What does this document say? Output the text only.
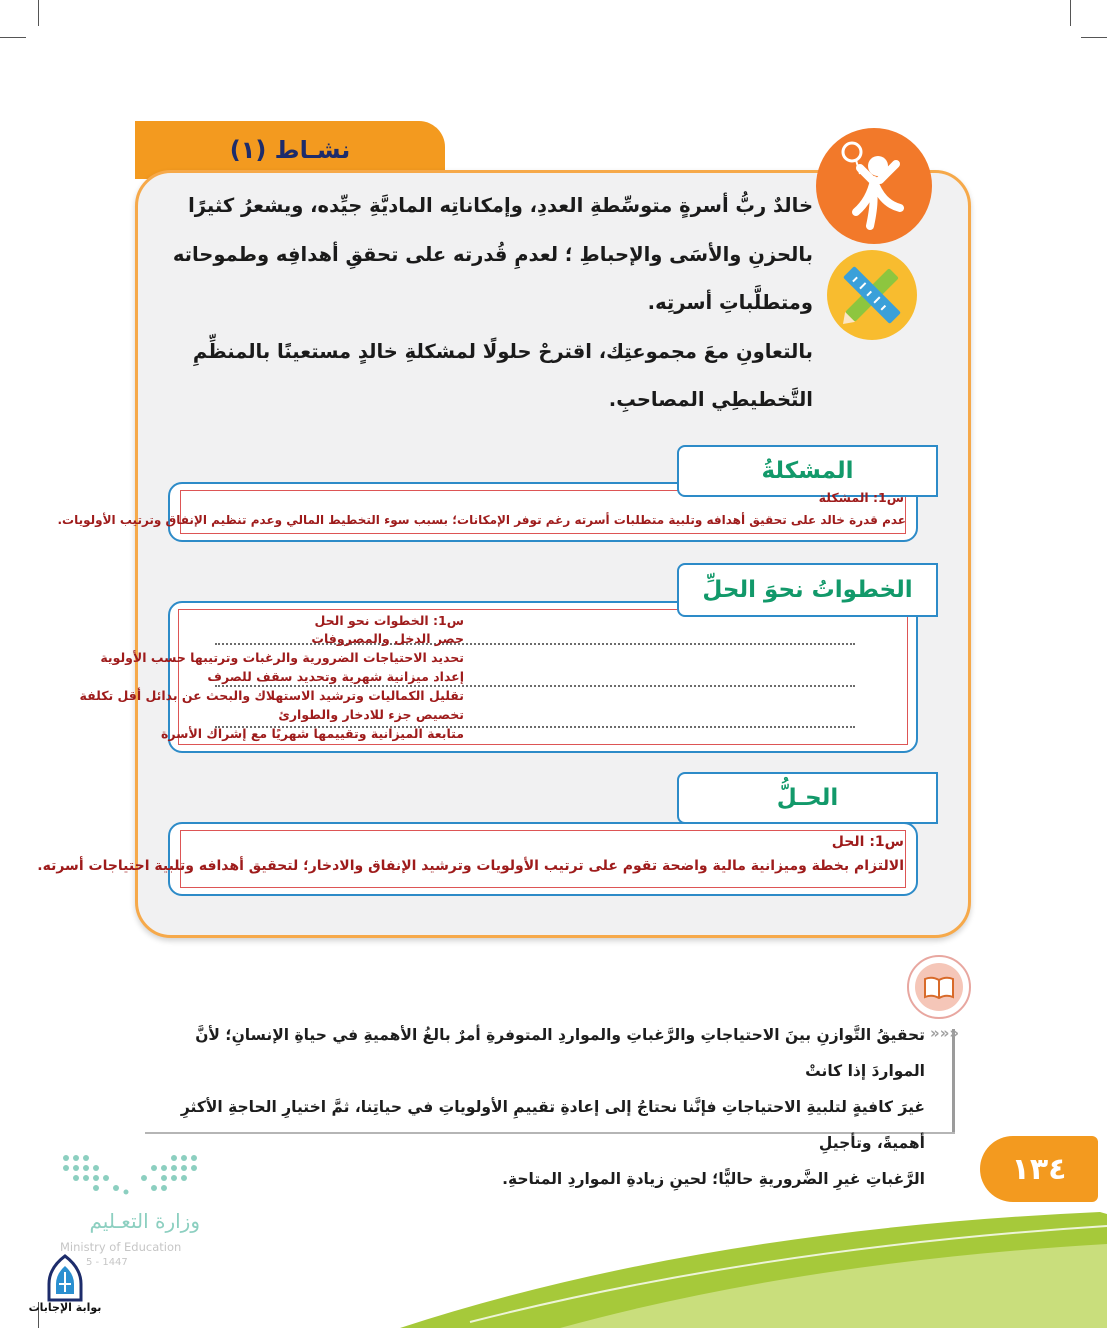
نشـاط (١)

خالدٌ ربُّ أسرةٍ متوسِّطةِ العددِ، وإمكاناتِه الماديَّةِ جيِّده، ويشعرُ كثيرًا

بالحزنِ والأسَى والإحباطِ ؛ لعدمِ قُدرته على تحققِ أهدافِه وطموحاته

ومتطلَّباتِ أسرتِه.

بالتعاونِ معَ مجموعتِك، اقترحْ حلولًا لمشكلةِ خالدٍ مستعينًا بالمنظِّمِ

التَّخطيطِي المصاحبِ.

المشكلةُ
س1: المشكلة
عدم قدرة خالد على تحقيق أهدافه وتلبية متطلبات أسرته رغم توفر الإمكانات؛ بسبب سوء التخطيط المالي وعدم تنظيم الإنفاق وترتيب الأولويات.
الخطواتُ نحوَ الحلِّ
س1: الخطوات نحو الحل
حصر الدخل والمصروفات
تحديد الاحتياجات الضرورية والرغبات وترتيبها حسب الأولوية
إعداد ميزانية شهرية وتحديد سقف للصرف
تقليل الكماليات وترشيد الاستهلاك والبحث عن بدائل أقل تكلفة
تخصيص جزء للادخار والطوارئ
متابعة الميزانية وتقييمها شهريًا مع إشراك الأسرة
الحـلُّ
س1: الحل
الالتزام بخطة وميزانية مالية واضحة تقوم على ترتيب الأولويات وترشيد الإنفاق والادخار؛ لتحقيق أهدافه وتلبية احتياجات أسرته.
«««

تحقيقُ التَّوازنِ بينَ الاحتياجاتِ والرَّغباتِ والمواردِ المتوفرةِ أمرٌ بالغُ الأهميةِ في حياةِ الإنسانِ؛ لأنَّ المواردَ إذا كانتْ

غيرَ كافيةٍ لتلبيةِ الاحتياجاتِ فإنَّنا نحتاجُ إلى إعادةِ تقييمِ الأولوياتِ في حياتِنا، ثمَّ اختيارِ الحاجةِ الأكثرِ أهميةً، وتأجيلِ

الرَّغباتِ غيرِ الضَّروريةِ حاليًّا؛ لحينِ زيادةِ المواردِ المتاحةِ.	١٣٤
وزارة التعـليم
Ministry of Education
5 - 1447
بوابة الإجابات
